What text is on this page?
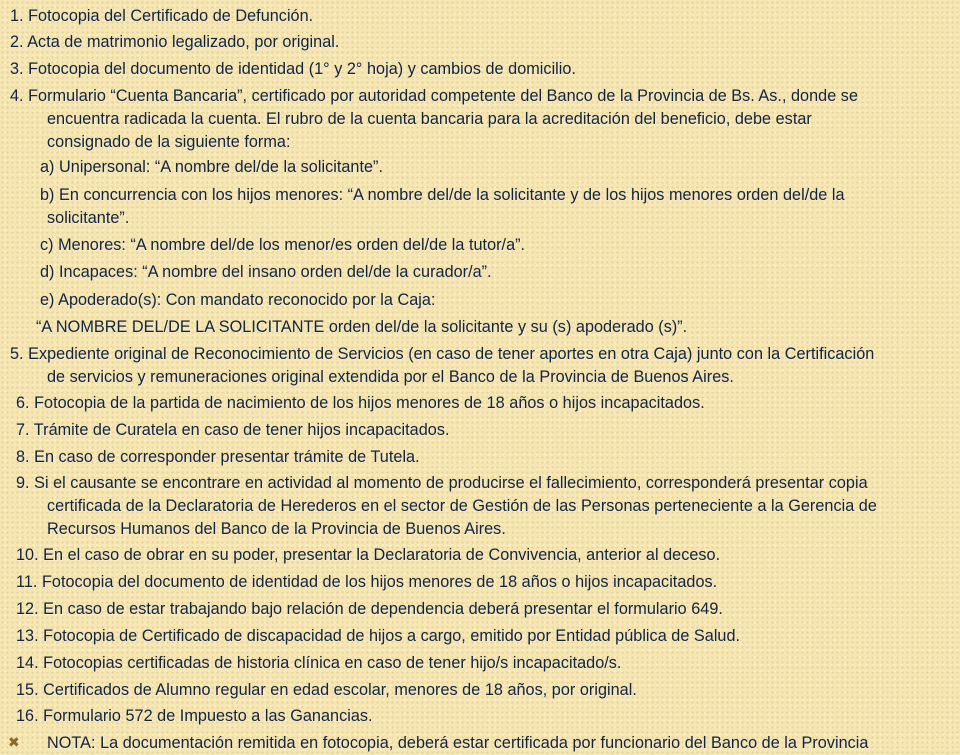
1. Fotocopia del Certificado de Defunción.
2. Acta de matrimonio legalizado, por original.
3. Fotocopia del documento de identidad (1° y 2° hoja) y cambios de domicilio.
4. Formulario “Cuenta Bancaria”, certificado por autoridad competente del Banco de la Provincia de Bs. As., donde se
encuentra radicada la cuenta. El rubro de la cuenta bancaria para la acreditación del beneficio, debe estar
consignado de la siguiente forma:
a) Unipersonal: “A nombre del/de la solicitante”.
b) En concurrencia con los hijos menores: “A nombre del/de la solicitante y de los hijos menores orden del/de la
solicitante”.
c) Menores: “A nombre del/de los menor/es orden del/de la tutor/a”.
d) Incapaces: “A nombre del insano orden del/de la curador/a”.
e) Apoderado(s): Con mandato reconocido por la Caja:
“A NOMBRE DEL/DE LA SOLICITANTE orden del/de la solicitante y su (s) apoderado (s)”.
5. Expediente original de Reconocimiento de Servicios (en caso de tener aportes en otra Caja) junto con la Certificación
de servicios y remuneraciones original extendida por el Banco de la Provincia de Buenos Aires.
6. Fotocopia de la partida de nacimiento de los hijos menores de 18 años o hijos incapacitados.
7. Trámite de Curatela en caso de tener hijos incapacitados.
8. En caso de corresponder presentar trámite de Tutela.
9. Si el causante se encontrare en actividad al momento de producirse el fallecimiento, corresponderá presentar copia
certificada de la Declaratoria de Herederos en el sector de Gestión de las Personas perteneciente a la Gerencia de
Recursos Humanos del Banco de la Provincia de Buenos Aires.
10. En el caso de obrar en su poder, presentar la Declaratoria de Convivencia, anterior al deceso.
11. Fotocopia del documento de identidad de los hijos menores de 18 años o hijos incapacitados.
12. En caso de estar trabajando bajo relación de dependencia deberá presentar el formulario 649.
13. Fotocopia de Certificado de discapacidad de hijos a cargo, emitido por Entidad pública de Salud.
14. Fotocopias certificadas de historia clínica en caso de tener hijo/s incapacitado/s.
15. Certificados de Alumno regular en edad escolar, menores de 18 años, por original.
16. Formulario 572 de Impuesto a las Ganancias.
✖ NOTA: La documentación remitida en fotocopia, deberá estar certificada por funcionario del Banco de la Provincia
